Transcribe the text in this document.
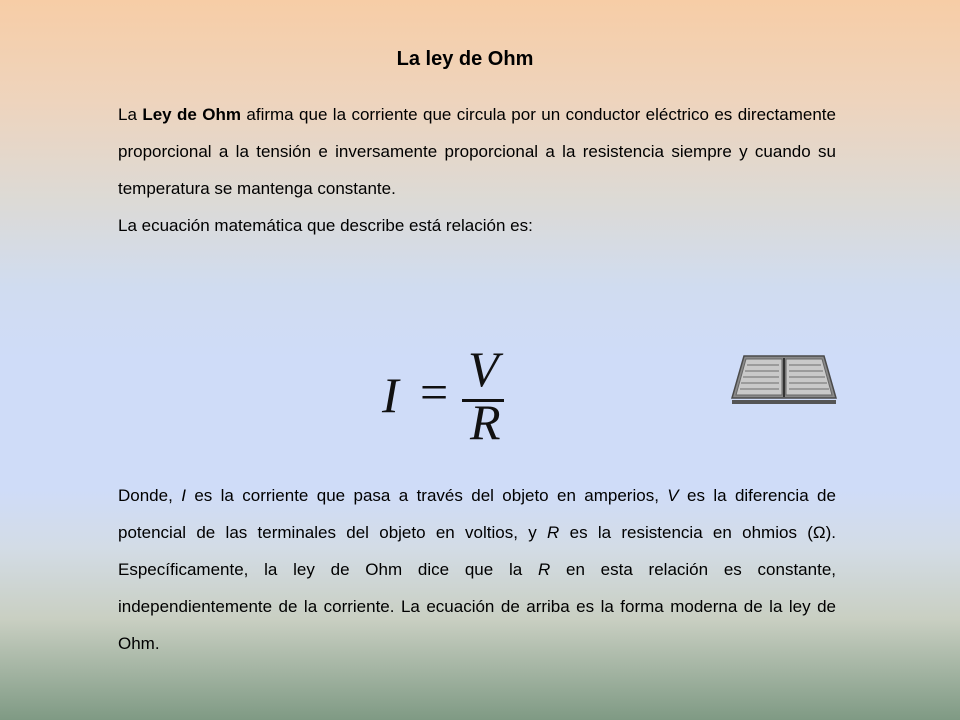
La ley de Ohm
La Ley de Ohm afirma que la corriente que circula por un conductor eléctrico es directamente proporcional a la tensión e inversamente proporcional a la resistencia siempre y cuando su temperatura se mantenga constante.
La ecuación matemática que describe está relación es:
I = V
R
Donde, I es la corriente que pasa a través del objeto en amperios, V es la diferencia de potencial de las terminales del objeto en voltios, y R es la resistencia en ohmios (Ω). Específicamente, la ley de Ohm dice que la R en esta relación es constante, independientemente de la corriente. La ecuación de arriba es la forma moderna de la ley de Ohm.
